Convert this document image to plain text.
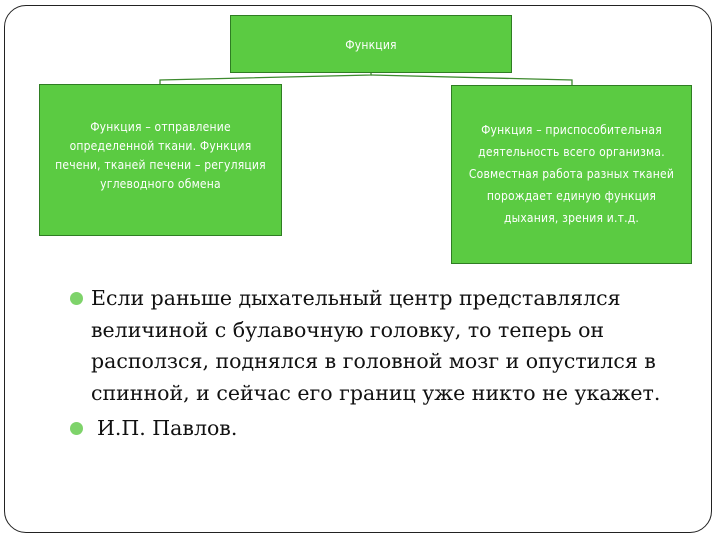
Функция
Функция – отправление определенной ткани. Функция печени, тканей печени – регуляция углеводного обмена
Функция – приспособительная деятельность всего организма. Совместная работа разных тканей порождает единую функция дыхания, зрения и.т.д.
Если раньше дыхательный центр представлялся величиной с булавочную головку, то теперь он расползся, поднялся в головной мозг и опустился в спинной, и сейчас его границ уже никто не укажет.
И.П. Павлов.
